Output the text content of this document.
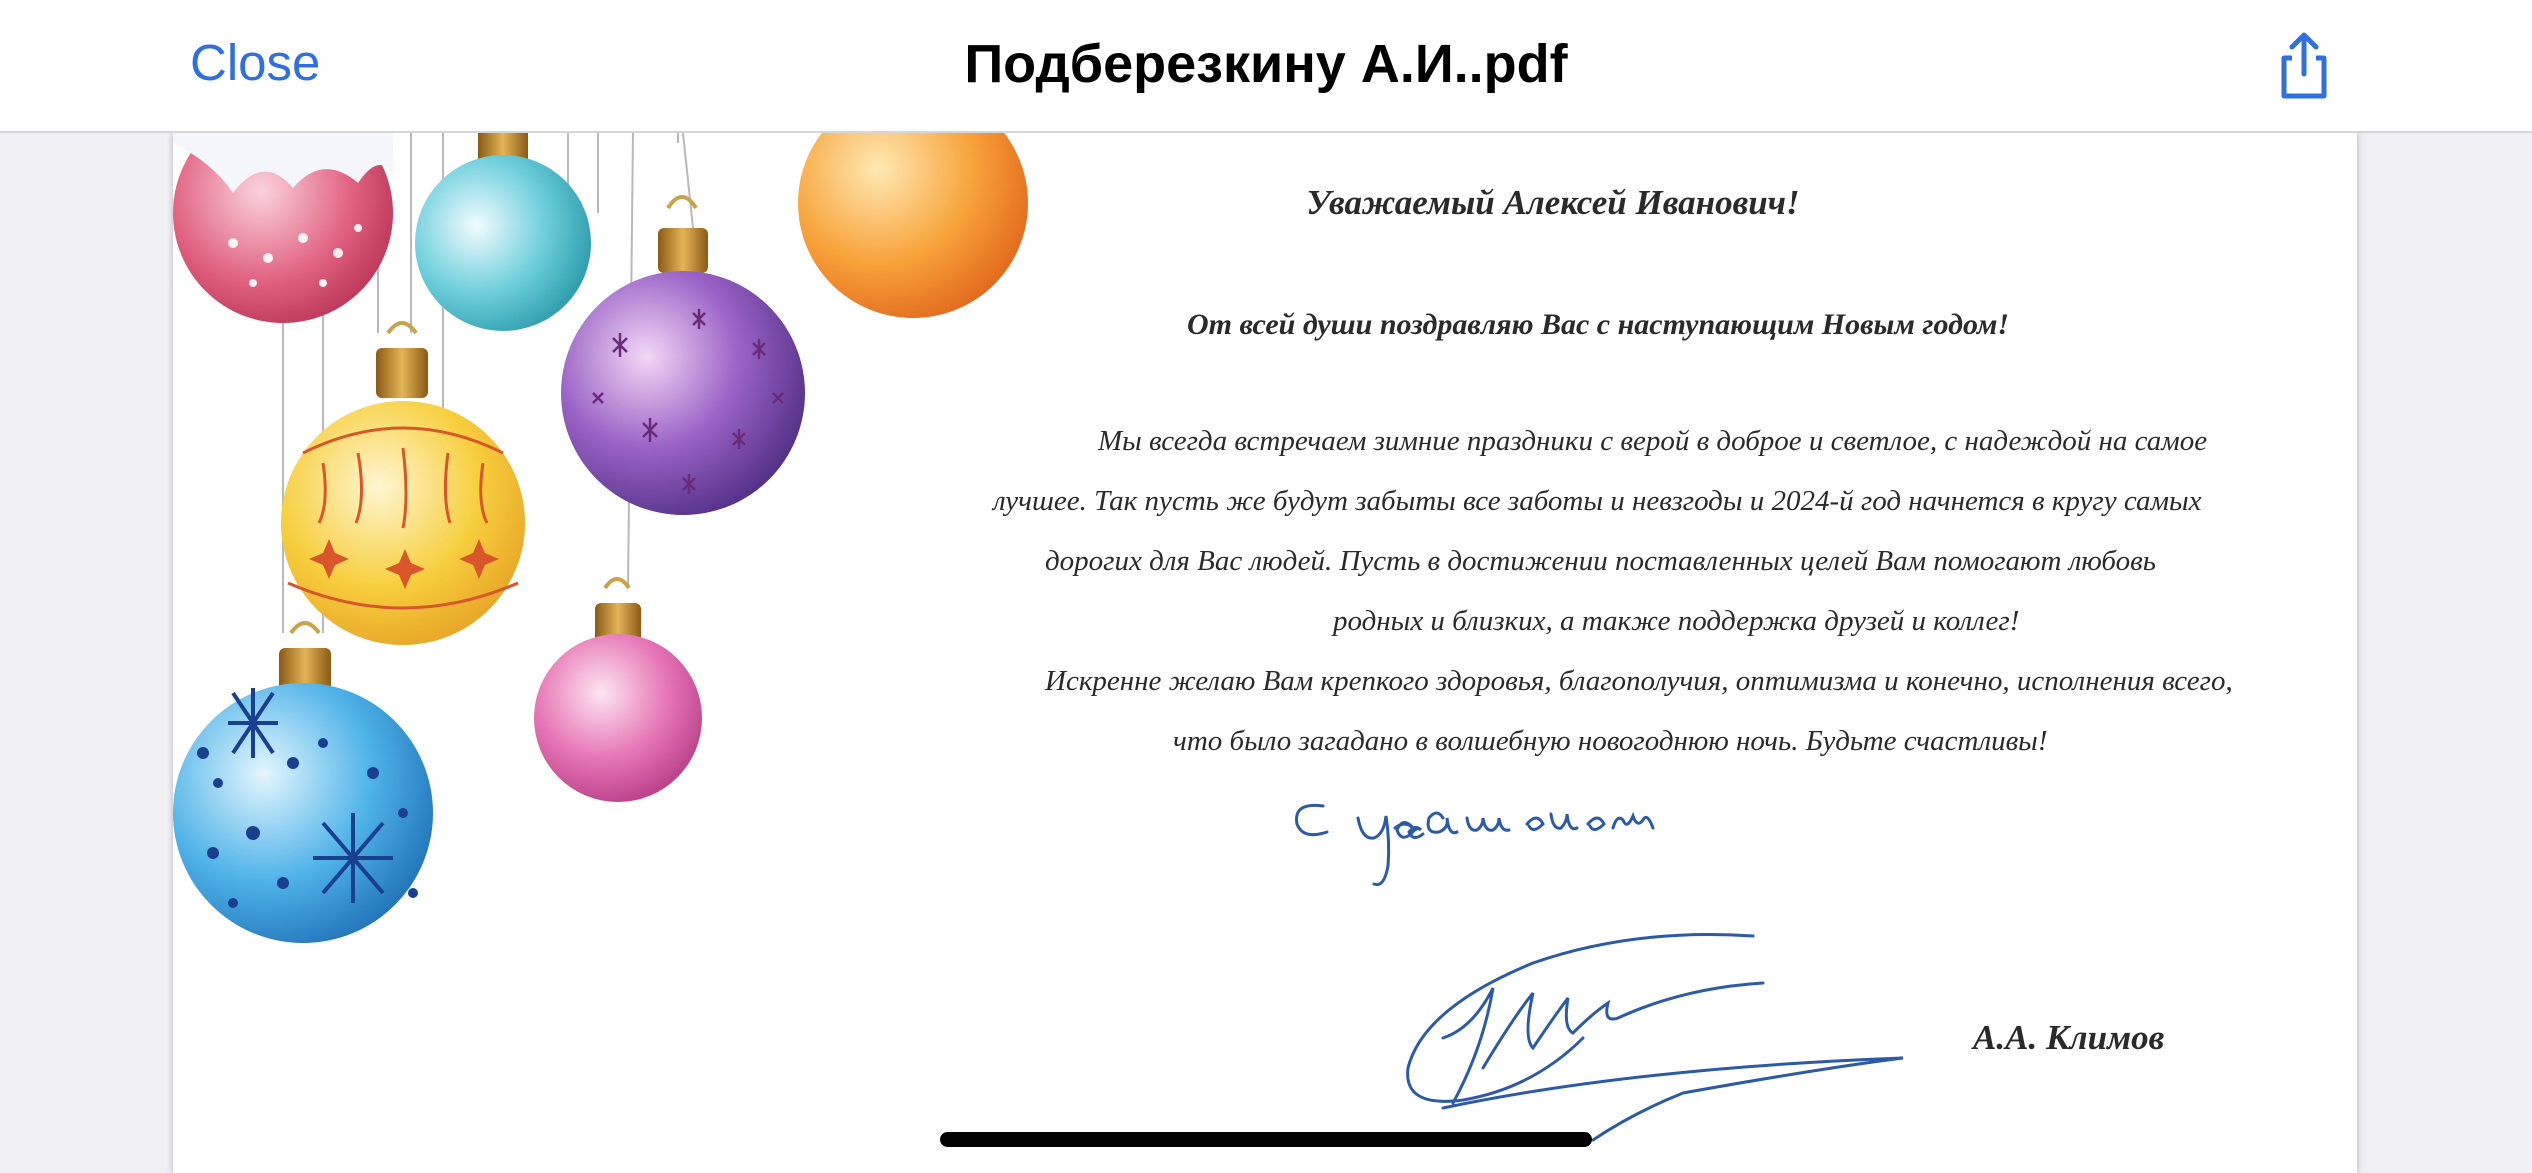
Close	Подберезкину А.И..pdf
Уважаемый Алексей Иванович!
От всей души поздравляю Вас с наступающим Новым годом!
Мы всегда встречаем зимние праздники с верой в доброе и светлое, с надеждой на самое
лучшее. Так пусть же будут забыты все заботы и невзгоды и 2024-й год начнется в кругу самых
дорогих для Вас людей. Пусть в достижении поставленных целей Вам помогают любовь
родных и близких, а также поддержка друзей и коллег!
Искренне желаю Вам крепкого здоровья, благополучия, оптимизма и конечно, исполнения всего,
что было загадано в волшебную новогоднюю ночь. Будьте счастливы!
А.А. Климов
